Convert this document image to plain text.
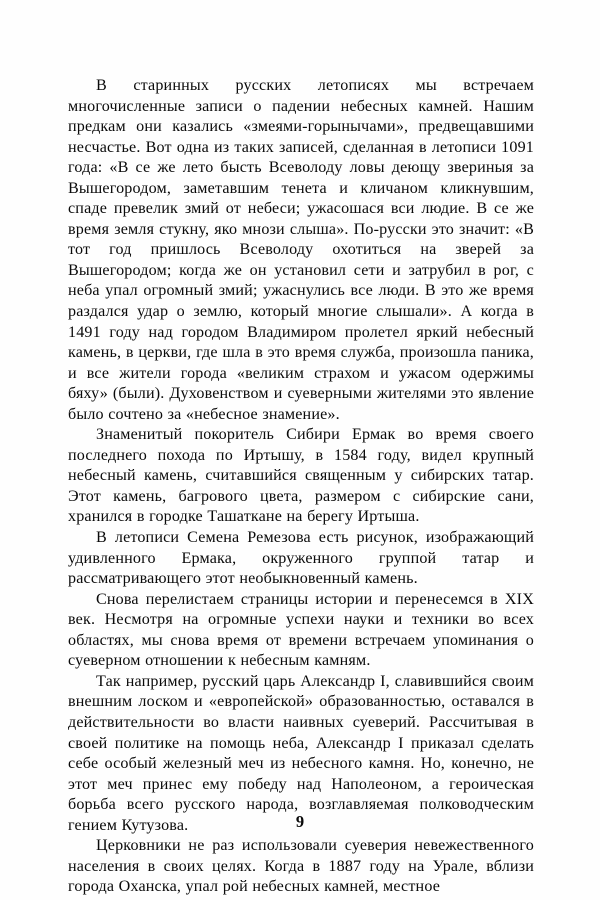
В старинных русских летописях мы встречаем многочисленные записи о падении небесных камней. Нашим предкам они казались «змеями-горынычами», предвещавшими несчастье. Вот одна из таких записей, сделанная в летописи 1091 года: «В се же лето бысть Всеволоду ловы деющу звериныя за Вышегородом, заметавшим тенета и кличаном кликнувшим, спаде превелик змий от небеси; ужасошася вси людие. В се же время земля стукну, яко мнози слыша». По-русски это значит: «В тот год пришлось Всеволоду охотиться на зверей за Вышегородом; когда же он установил сети и затрубил в рог, с неба упал огромный змий; ужаснулись все люди. В это же время раздался удар о землю, который многие слышали». А когда в 1491 году над городом Владимиром пролетел яркий небесный камень, в церкви, где шла в это время служба, произошла паника, и все жители города «великим страхом и ужасом одержимы бяху» (были). Духовенством и суеверными жителями это явление было сочтено за «небесное знамение».

Знаменитый покоритель Сибири Ермак во время своего последнего похода по Иртышу, в 1584 году, видел крупный небесный камень, считавшийся священным у сибирских татар. Этот камень, багрового цвета, размером с сибирские сани, хранился в городке Ташаткане на берегу Иртыша.

В летописи Семена Ремезова есть рисунок, изображающий удивленного Ермака, окруженного группой татар и рассматривающего этот необыкновенный камень.

Снова перелистаем страницы истории и перенесемся в XIX век. Несмотря на огромные успехи науки и техники во всех областях, мы снова время от времени встречаем упоминания о суеверном отношении к небесным камням.

Так например, русский царь Александр I, славившийся своим внешним лоском и «европейской» образованностью, оставался в действительности во власти наивных суеверий. Рассчитывая в своей политике на помощь неба, Александр I приказал сделать себе особый железный меч из небесного камня. Но, конечно, не этот меч принес ему победу над Наполеоном, а героическая борьба всего русского народа, возглавляемая полководческим гением Кутузова.

Церковники не раз использовали суеверия невежественного населения в своих целях. Когда в 1887 году на Урале, вблизи города Оханска, упал рой небесных камней, местное

9
